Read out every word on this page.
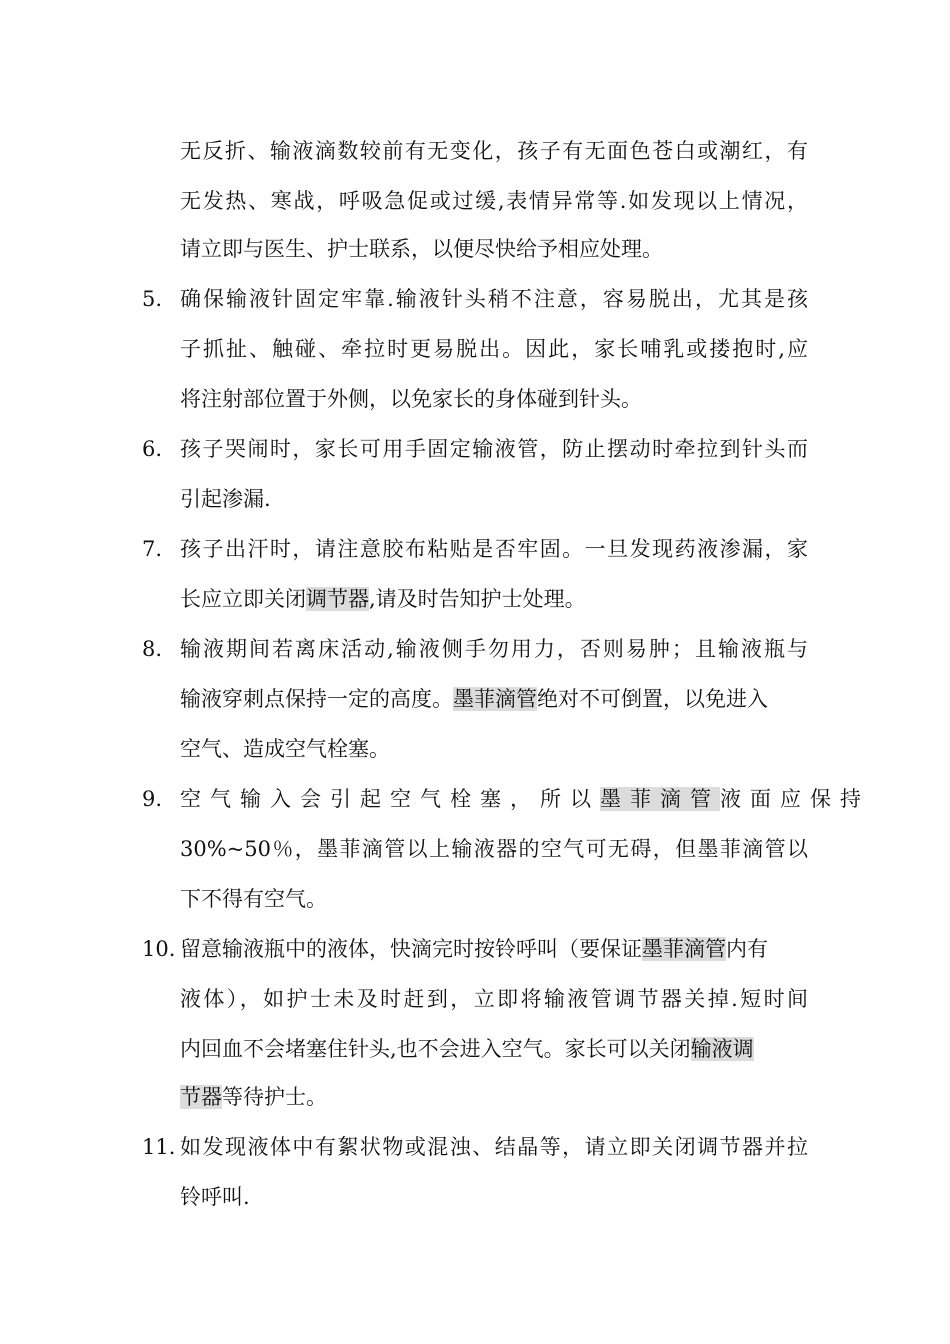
无反折、输液滴数较前有无变化，孩子有无面色苍白或潮红，有
无发热、寒战，呼吸急促或过缓,表情异常等.如发现以上情况，
请立即与医生、护士联系，以便尽快给予相应处理。
5. 确保输液针固定牢靠.输液针头稍不注意，容易脱出，尤其是孩
子抓扯、触碰、牵拉时更易脱出。因此，家长哺乳或搂抱时,应
将注射部位置于外侧，以免家长的身体碰到针头。
6. 孩子哭闹时，家长可用手固定输液管，防止摆动时牵拉到针头而
引起渗漏.
7. 孩子出汗时，请注意胶布粘贴是否牢固。一旦发现药液渗漏，家
长应立即关闭调节器,请及时告知护士处理。
8. 输液期间若离床活动,输液侧手勿用力，否则易肿；且输液瓶与
输液穿刺点保持一定的高度。墨菲滴管绝对不可倒置，以免进入
空气、造成空气栓塞。
9. 空气输入会引起空气栓塞，所以墨菲滴管液面应保持
30%~50％，墨菲滴管以上输液器的空气可无碍，但墨菲滴管以
下不得有空气。
10. 留意输液瓶中的液体，快滴完时按铃呼叫（要保证墨菲滴管内有
液体），如护士未及时赶到，立即将输液管调节器关掉.短时间
内回血不会堵塞住针头,也不会进入空气。家长可以关闭输液调
节器等待护士。
11. 如发现液体中有絮状物或混浊、结晶等，请立即关闭调节器并拉
铃呼叫.
